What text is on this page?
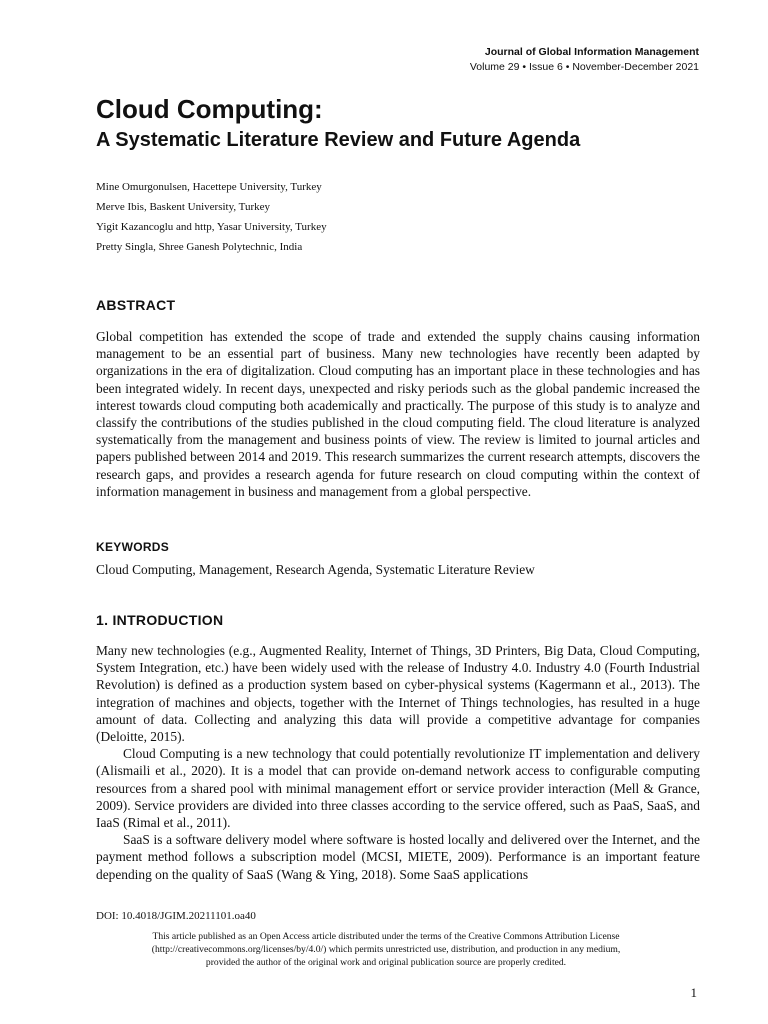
Journal of Global Information Management
Volume 29 • Issue 6 • November-December 2021
Cloud Computing:
A Systematic Literature Review and Future Agenda
Mine Omurgonulsen, Hacettepe University, Turkey
Merve Ibis, Baskent University, Turkey
Yigit Kazancoglu and http, Yasar University, Turkey
Pretty Singla, Shree Ganesh Polytechnic, India
ABSTRACT

Global competition has extended the scope of trade and extended the supply chains causing information management to be an essential part of business. Many new technologies have recently been adapted by organizations in the era of digitalization. Cloud computing has an important place in these technologies and has been integrated widely. In recent days, unexpected and risky periods such as the global pandemic increased the interest towards cloud computing both academically and practically. The purpose of this study is to analyze and classify the contributions of the studies published in the cloud computing field. The cloud literature is analyzed systematically from the management and business points of view. The review is limited to journal articles and papers published between 2014 and 2019. This research summarizes the current research attempts, discovers the research gaps, and provides a research agenda for future research on cloud computing within the context of information management in business and management from a global perspective.

KEYWORDS

Cloud Computing, Management, Research Agenda, Systematic Literature Review

1. INTRODUCTION

Many new technologies (e.g., Augmented Reality, Internet of Things, 3D Printers, Big Data, Cloud Computing, System Integration, etc.) have been widely used with the release of Industry 4.0. Industry 4.0 (Fourth Industrial Revolution) is defined as a production system based on cyber-physical systems (Kagermann et al., 2013). The integration of machines and objects, together with the Internet of Things technologies, has resulted in a huge amount of data. Collecting and analyzing this data will provide a competitive advantage for companies (Deloitte, 2015).

Cloud Computing is a new technology that could potentially revolutionize IT implementation and delivery (Alismaili et al., 2020). It is a model that can provide on-demand network access to configurable computing resources from a shared pool with minimal management effort or service provider interaction (Mell & Grance, 2009). Service providers are divided into three classes according to the service offered, such as PaaS, SaaS, and IaaS (Rimal et al., 2011).

SaaS is a software delivery model where software is hosted locally and delivered over the Internet, and the payment method follows a subscription model (MCSI, MIETE, 2009). Performance is an important feature depending on the quality of SaaS (Wang & Ying, 2018). Some SaaS applications

DOI: 10.4018/JGIM.20211101.oa40
This article published as an Open Access article distributed under the terms of the Creative Commons Attribution License
(http://creativecommons.org/licenses/by/4.0/) which permits unrestricted use, distribution, and production in any medium,
provided the author of the original work and original publication source are properly credited.
1
